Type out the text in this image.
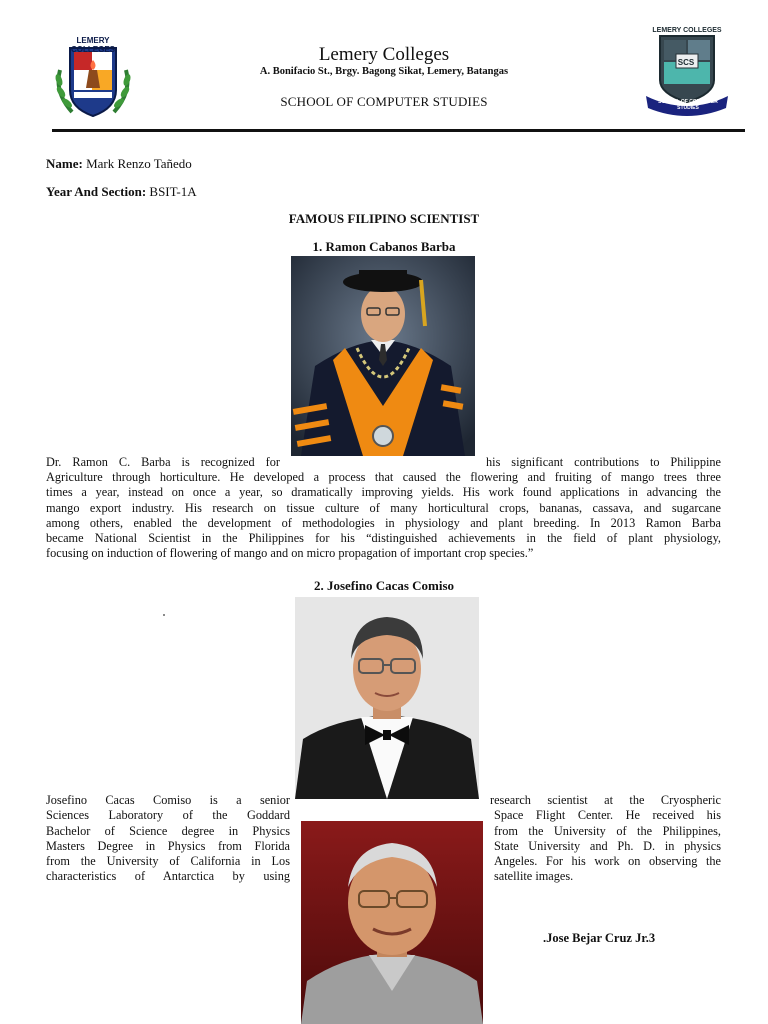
LEMERY COLLEGES
LEMERY COLLEGES
SCS
SCHOOL OF COMPUTER STUDIES
Lemery Colleges
A. Bonifacio St., Brgy. Bagong Sikat, Lemery, Batangas
SCHOOL OF COMPUTER STUDIES
Name: Mark Renzo Tañedo
Year And Section: BSIT-1A
FAMOUS FILIPINO SCIENTIST
1. Ramon Cabanos Barba
Dr. Ramon C. Barba is recognized for	his significant contributions to Philippine
Agriculture through horticulture. He developed a process that caused the flowering and fruiting of mango trees three
times a year, instead on once a year, so dramatically improving yields. His work found applications in advancing the
mango export industry. His research on tissue culture of many horticultural crops, bananas, cassava, and sugarcane
among others, enabled the development of methodologies in physiology and plant breeding. In 2013 Ramon Barba
became National Scientist in the Philippines for his “distinguished achievements in the field of plant physiology,
focusing on induction of flowering of mango and on micro propagation of important crop species.”
2. Josefino Cacas Comiso
Josefino Cacas Comiso is a senior
Sciences Laboratory of the Goddard
Bachelor of Science degree in Physics
Masters Degree in Physics from Florida
from the University of California in Los
characteristics of Antarctica by using
research scientist at the Cryospheric
Space Flight Center. He received his
from the University of the Philippines,
State University and Ph. D. in physics
Angeles. For his work on observing the
satellite images.
.Jose Bejar Cruz Jr.3
